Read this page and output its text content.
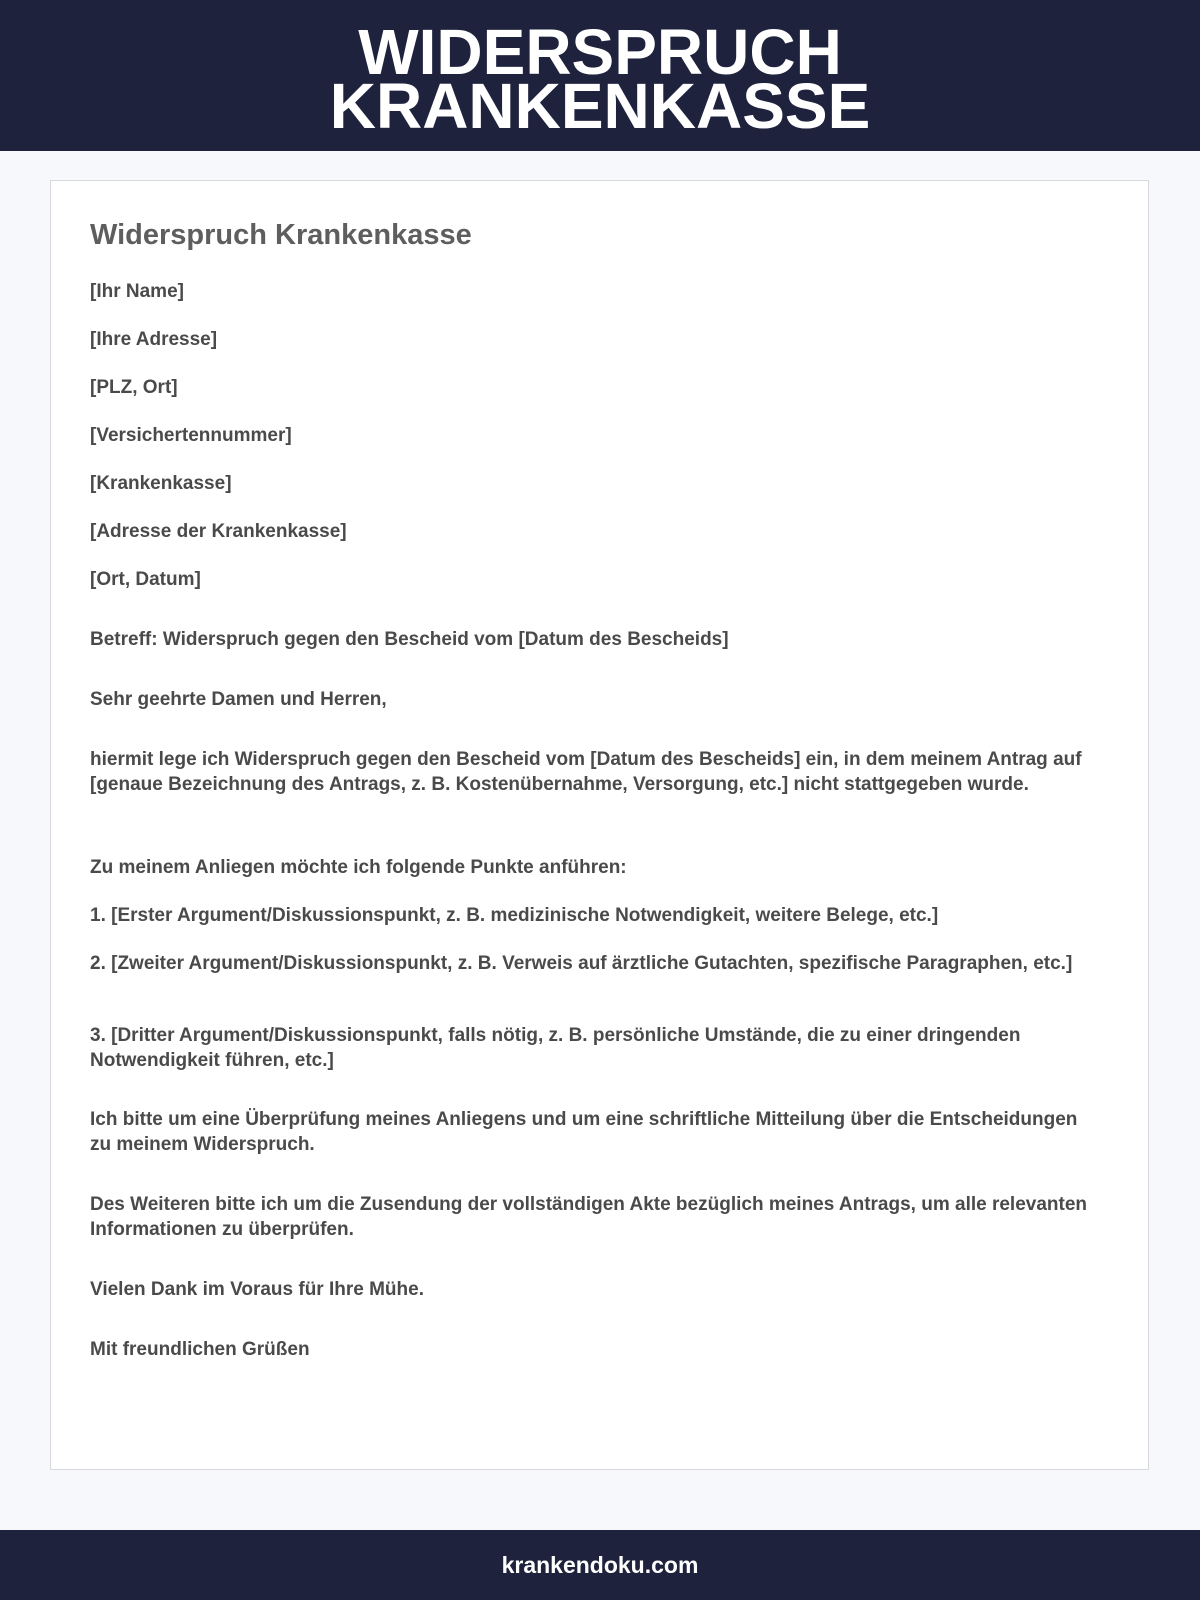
WIDERSPRUCH
KRANKENKASSE
Widerspruch Krankenkasse

[Ihr Name]

[Ihre Adresse]

[PLZ, Ort]

[Versichertennummer]

[Krankenkasse]

[Adresse der Krankenkasse]

[Ort, Datum]

Betreff: Widerspruch gegen den Bescheid vom [Datum des Bescheids]

Sehr geehrte Damen und Herren,

hiermit lege ich Widerspruch gegen den Bescheid vom [Datum des Bescheids] ein, in dem meinem Antrag auf [genaue Bezeichnung des Antrags, z. B. Kostenübernahme, Versorgung, etc.] nicht stattgegeben wurde.

Zu meinem Anliegen möchte ich folgende Punkte anführen:

1. [Erster Argument/Diskussionspunkt, z. B. medizinische Notwendigkeit, weitere Belege, etc.]

2. [Zweiter Argument/Diskussionspunkt, z. B. Verweis auf ärztliche Gutachten, spezifische Paragraphen, etc.]

3. [Dritter Argument/Diskussionspunkt, falls nötig, z. B. persönliche Umstände, die zu einer dringenden Notwendigkeit führen, etc.]

Ich bitte um eine Überprüfung meines Anliegens und um eine schriftliche Mitteilung über die Entscheidungen zu meinem Widerspruch.

Des Weiteren bitte ich um die Zusendung der vollständigen Akte bezüglich meines Antrags, um alle relevanten Informationen zu überprüfen.

Vielen Dank im Voraus für Ihre Mühe.

Mit freundlichen Grüßen

krankendoku.com
